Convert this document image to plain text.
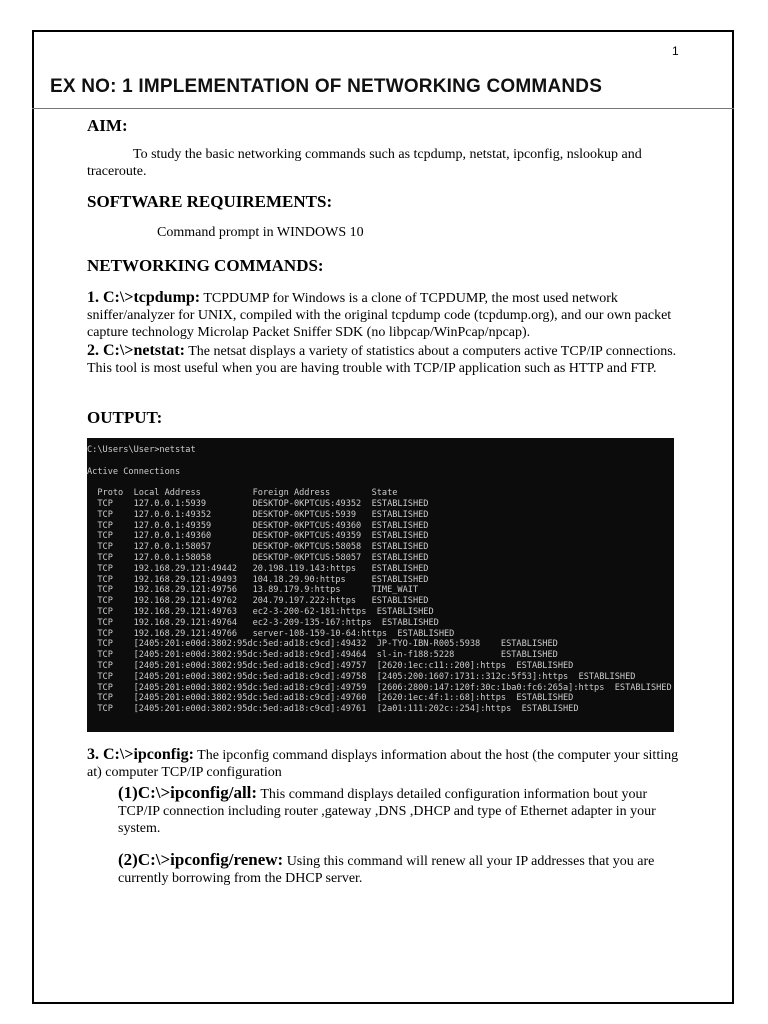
1
EX NO: 1 IMPLEMENTATION OF NETWORKING COMMANDS
AIM:

To study the basic networking commands such as tcpdump, netstat, ipconfig, nslookup and traceroute.

SOFTWARE REQUIREMENTS:

Command prompt in WINDOWS 10

NETWORKING COMMANDS:

1. C:\>tcpdump: TCPDUMP for Windows is a clone of TCPDUMP, the most used network sniffer/analyzer for UNIX, compiled with the original tcpdump code (tcpdump.org), and our own packet capture technology Microlap Packet Sniffer SDK (no libpcap/WinPcap/npcap).

2. C:\>netstat: The netsat displays a variety of statistics about a computers active TCP/IP connections. This tool is most useful when you are having trouble with TCP/IP application such as HTTP and FTP.

OUTPUT:
C:\Users\User>netstat
Active Connections
Proto  Local Address          Foreign Address        State
TCP    127.0.0.1:5939         DESKTOP-0KPTCUS:49352  ESTABLISHED
TCP    127.0.0.1:49352        DESKTOP-0KPTCUS:5939   ESTABLISHED
TCP    127.0.0.1:49359        DESKTOP-0KPTCUS:49360  ESTABLISHED
TCP    127.0.0.1:49360        DESKTOP-0KPTCUS:49359  ESTABLISHED
TCP    127.0.0.1:58057        DESKTOP-0KPTCUS:58058  ESTABLISHED
TCP    127.0.0.1:58058        DESKTOP-0KPTCUS:58057  ESTABLISHED
TCP    192.168.29.121:49442   20.198.119.143:https   ESTABLISHED
TCP    192.168.29.121:49493   104.18.29.90:https     ESTABLISHED
TCP    192.168.29.121:49756   13.89.179.9:https      TIME_WAIT
TCP    192.168.29.121:49762   204.79.197.222:https   ESTABLISHED
TCP    192.168.29.121:49763   ec2-3-200-62-181:https  ESTABLISHED
TCP    192.168.29.121:49764   ec2-3-209-135-167:https  ESTABLISHED
TCP    192.168.29.121:49766   server-108-159-10-64:https  ESTABLISHED
TCP    [2405:201:e00d:3802:95dc:5ed:ad18:c9cd]:49432  JP-TYO-IBN-R005:5938    ESTABLISHED
TCP    [2405:201:e00d:3802:95dc:5ed:ad18:c9cd]:49464  sl-in-f188:5228         ESTABLISHED
TCP    [2405:201:e00d:3802:95dc:5ed:ad18:c9cd]:49757  [2620:1ec:c11::200]:https  ESTABLISHED
TCP    [2405:201:e00d:3802:95dc:5ed:ad18:c9cd]:49758  [2405:200:1607:1731::312c:5f53]:https  ESTABLISHED
TCP    [2405:201:e00d:3802:95dc:5ed:ad18:c9cd]:49759  [2606:2800:147:120f:30c:1ba0:fc6:265a]:https  ESTABLISHED
TCP    [2405:201:e00d:3802:95dc:5ed:ad18:c9cd]:49760  [2620:1ec:4f:1::68]:https  ESTABLISHED
TCP    [2405:201:e00d:3802:95dc:5ed:ad18:c9cd]:49761  [2a01:111:202c::254]:https  ESTABLISHED

3. C:\>ipconfig: The ipconfig command displays information about the host (the computer your sitting at) computer TCP/IP configuration

(1)C:\>ipconfig/all: This command displays detailed configuration information bout your TCP/IP connection including router ,gateway ,DNS ,DHCP and type of Ethernet adapter in your system.

(2)C:\>ipconfig/renew: Using this command will renew all your IP addresses that you are currently borrowing from the DHCP server.
